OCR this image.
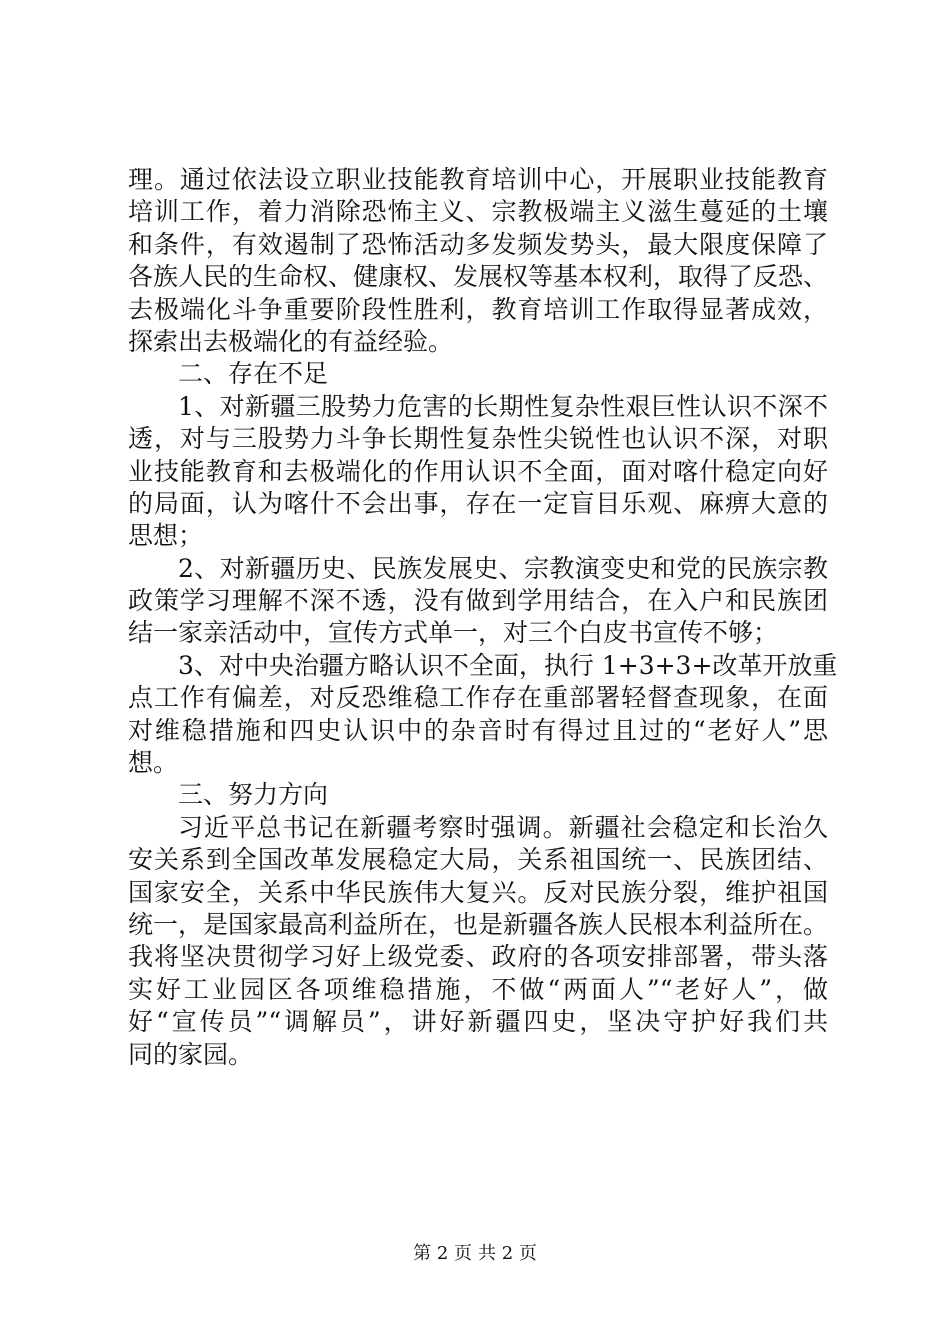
理。通过依法设立职业技能教育培训中心，开展职业技能教育
培训工作，着力消除恐怖主义、宗教极端主义滋生蔓延的土壤
和条件，有效遏制了恐怖活动多发频发势头，最大限度保障了
各族人民的生命权、健康权、发展权等基本权利，取得了反恐、
去极端化斗争重要阶段性胜利，教育培训工作取得显著成效，
探索出去极端化的有益经验。
二、存在不足
1、对新疆三股势力危害的长期性复杂性艰巨性认识不深不
透，对与三股势力斗争长期性复杂性尖锐性也认识不深，对职
业技能教育和去极端化的作用认识不全面，面对喀什稳定向好
的局面，认为喀什不会出事，存在一定盲目乐观、麻痹大意的
思想；
2、对新疆历史、民族发展史、宗教演变史和党的民族宗教
政策学习理解不深不透，没有做到学用结合，在入户和民族团
结一家亲活动中，宣传方式单一，对三个白皮书宣传不够；
3、对中央治疆方略认识不全面，执行 1+3+3+改革开放重
点工作有偏差，对反恐维稳工作存在重部署轻督查现象，在面
对维稳措施和四史认识中的杂音时有得过且过的“老好人”思
想。
三、努力方向
习近平总书记在新疆考察时强调。新疆社会稳定和长治久
安关系到全国改革发展稳定大局，关系祖国统一、民族团结、
国家安全，关系中华民族伟大复兴。反对民族分裂，维护祖国
统一，是国家最高利益所在，也是新疆各族人民根本利益所在。
我将坚决贯彻学习好上级党委、政府的各项安排部署，带头落
实好工业园区各项维稳措施，不做“两面人”“老好人”，做
好“宣传员”“调解员”，讲好新疆四史，坚决守护好我们共
同的家园。
第 2 页 共 2 页
